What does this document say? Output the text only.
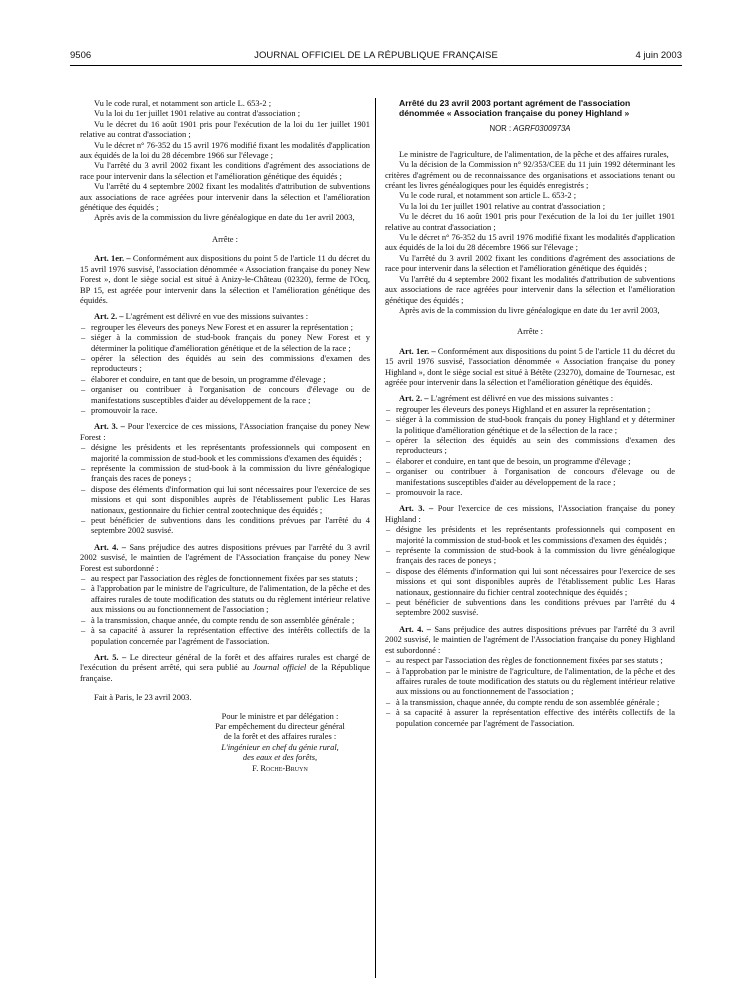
9506	JOURNAL OFFICIEL DE LA RÉPUBLIQUE FRANÇAISE	4 juin 2003

Vu le code rural, et notamment son article L. 653-2 ;

Vu la loi du 1er juillet 1901 relative au contrat d'association ;

Vu le décret du 16 août 1901 pris pour l'exécution de la loi du 1er juillet 1901 relative au contrat d'association ;

Vu le décret n° 76-352 du 15 avril 1976 modifié fixant les modalités d'application aux équidés de la loi du 28 décembre 1966 sur l'élevage ;

Vu l'arrêté du 3 avril 2002 fixant les conditions d'agrément des associations de race pour intervenir dans la sélection et l'amélioration génétique des équidés ;

Vu l'arrêté du 4 septembre 2002 fixant les modalités d'attribution de subventions aux associations de race agréées pour intervenir dans la sélection et l'amélioration génétique des équidés ;

Après avis de la commission du livre généalogique en date du 1er avril 2003,

Arrête :

Art. 1er. – Conformément aux dispositions du point 5 de l'article 11 du décret du 15 avril 1976 susvisé, l'association dénommée « Association française du poney New Forest », dont le siège social est situé à Anizy-le-Château (02320), ferme de l'Ocq, BP 15, est agréée pour intervenir dans la sélection et l'amélioration génétique des équidés.

Art. 2. – L'agrément est délivré en vue des missions suivantes :

– regrouper les éleveurs des poneys New Forest et en assurer la représentation ;
– siéger à la commission de stud-book français du poney New Forest et y déterminer la politique d'amélioration génétique et de la sélection de la race ;
– opérer la sélection des équidés au sein des commissions d'examen des reproducteurs ;
– élaborer et conduire, en tant que de besoin, un programme d'élevage ;
– organiser ou contribuer à l'organisation de concours d'élevage ou de manifestations susceptibles d'aider au développement de la race ;
– promouvoir la race.

Art. 3. – Pour l'exercice de ces missions, l'Association française du poney New Forest :

– désigne les présidents et les représentants professionnels qui composent en majorité la commission de stud-book et les commissions d'examen des équidés ;
– représente la commission de stud-book à la commission du livre généalogique français des races de poneys ;
– dispose des éléments d'information qui lui sont nécessaires pour l'exercice de ses missions et qui sont disponibles auprès de l'établissement public Les Haras nationaux, gestionnaire du fichier central zootechnique des équidés ;
– peut bénéficier de subventions dans les conditions prévues par l'arrêté du 4 septembre 2002 susvisé.

Art. 4. – Sans préjudice des autres dispositions prévues par l'arrêté du 3 avril 2002 susvisé, le maintien de l'agrément de l'Association française du poney New Forest est subordonné :

– au respect par l'association des règles de fonctionnement fixées par ses statuts ;
– à l'approbation par le ministre de l'agriculture, de l'alimentation, de la pêche et des affaires rurales de toute modification des statuts ou du règlement intérieur relative aux missions ou au fonctionnement de l'association ;
– à la transmission, chaque année, du compte rendu de son assemblée générale ;
– à sa capacité à assurer la représentation effective des intérêts collectifs de la population concernée par l'agrément de l'association.

Art. 5. – Le directeur général de la forêt et des affaires rurales est chargé de l'exécution du présent arrêté, qui sera publié au Journal officiel de la République française.

Fait à Paris, le 23 avril 2003.

Pour le ministre et par délégation :
Par empêchement du directeur général
de la forêt et des affaires rurales :
L'ingénieur en chef du génie rural,
des eaux et des forêts,
F. Roche-Bruyn

Arrêté du 23 avril 2003 portant agrément de l'association dénommée « Association française du poney Highland »

NOR : AGRF0300973A

Le ministre de l'agriculture, de l'alimentation, de la pêche et des affaires rurales,

Vu la décision de la Commission n° 92/353/CEE du 11 juin 1992 déterminant les critères d'agrément ou de reconnaissance des organisations et associations tenant ou créant les livres généalogiques pour les équidés enregistrés ;

Vu le code rural, et notamment son article L. 653-2 ;

Vu la loi du 1er juillet 1901 relative au contrat d'association ;

Vu le décret du 16 août 1901 pris pour l'exécution de la loi du 1er juillet 1901 relative au contrat d'association ;

Vu le décret n° 76-352 du 15 avril 1976 modifié fixant les modalités d'application aux équidés de la loi du 28 décembre 1966 sur l'élevage ;

Vu l'arrêté du 3 avril 2002 fixant les conditions d'agrément des associations de race pour intervenir dans la sélection et l'amélioration génétique des équidés ;

Vu l'arrêté du 4 septembre 2002 fixant les modalités d'attribution de subventions aux associations de race agréées pour intervenir dans la sélection et l'amélioration génétique des équidés ;

Après avis de la commission du livre généalogique en date du 1er avril 2003,

Arrête :

Art. 1er. – Conformément aux dispositions du point 5 de l'article 11 du décret du 15 avril 1976 susvisé, l'association dénommée « Association française du poney Highland », dont le siège social est situé à Bétête (23270), domaine de Tournesac, est agréée pour intervenir dans la sélection et l'amélioration génétique des équidés.

Art. 2. – L'agrément est délivré en vue des missions suivantes :

– regrouper les éleveurs des poneys Highland et en assurer la représentation ;
– siéger à la commission de stud-book français du poney Highland et y déterminer la politique d'amélioration génétique et de la sélection de la race ;
– opérer la sélection des équidés au sein des commissions d'examen des reproducteurs ;
– élaborer et conduire, en tant que de besoin, un programme d'élevage ;
– organiser ou contribuer à l'organisation de concours d'élevage ou de manifestations susceptibles d'aider au développement de la race ;
– promouvoir la race.

Art. 3. – Pour l'exercice de ces missions, l'Association française du poney Highland :

– désigne les présidents et les représentants professionnels qui composent en majorité la commission de stud-book et les commissions d'examen des équidés ;
– représente la commission de stud-book à la commission du livre généalogique français des races de poneys ;
– dispose des éléments d'information qui lui sont nécessaires pour l'exercice de ses missions et qui sont disponibles auprès de l'établissement public Les Haras nationaux, gestionnaire du fichier central zootechnique des équidés ;
– peut bénéficier de subventions dans les conditions prévues par l'arrêté du 4 septembre 2002 susvisé.

Art. 4. – Sans préjudice des autres dispositions prévues par l'arrêté du 3 avril 2002 susvisé, le maintien de l'agrément de l'Association française du poney Highland est subordonné :

– au respect par l'association des règles de fonctionnement fixées par ses statuts ;
– à l'approbation par le ministre de l'agriculture, de l'alimentation, de la pêche et des affaires rurales de toute modification des statuts ou du règlement intérieur relative aux missions ou au fonctionnement de l'association ;
– à la transmission, chaque année, du compte rendu de son assemblée générale ;
– à sa capacité à assurer la représentation effective des intérêts collectifs de la population concernée par l'agrément de l'association.
